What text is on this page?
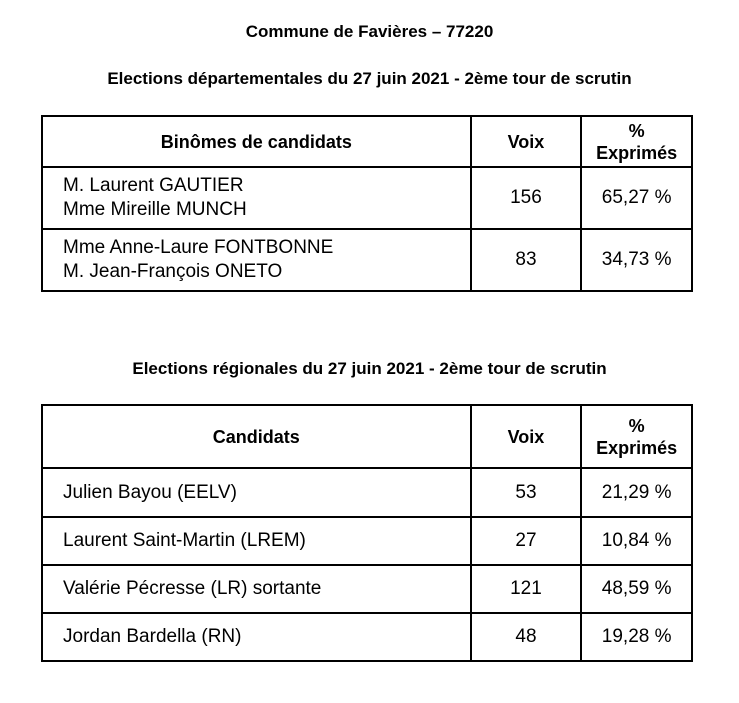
Commune de Favières – 77220
Elections départementales du 27 juin 2021 - 2ème tour de scrutin
Binômes de candidats	Voix	%
Exprimés

M. Laurent GAUTIER
Mme Mireille MUNCH	156	65,27 %

Mme Anne-Laure FONTBONNE
M. Jean-François ONETO	83	34,73 %
Elections régionales du 27 juin 2021 - 2ème tour de scrutin
Candidats	Voix	%
Exprimés

Julien Bayou (EELV)	53	21,29 %
Laurent Saint-Martin (LREM)	27	10,84 %
Valérie Pécresse (LR) sortante	121	48,59 %
Jordan Bardella (RN)	48	19,28 %
